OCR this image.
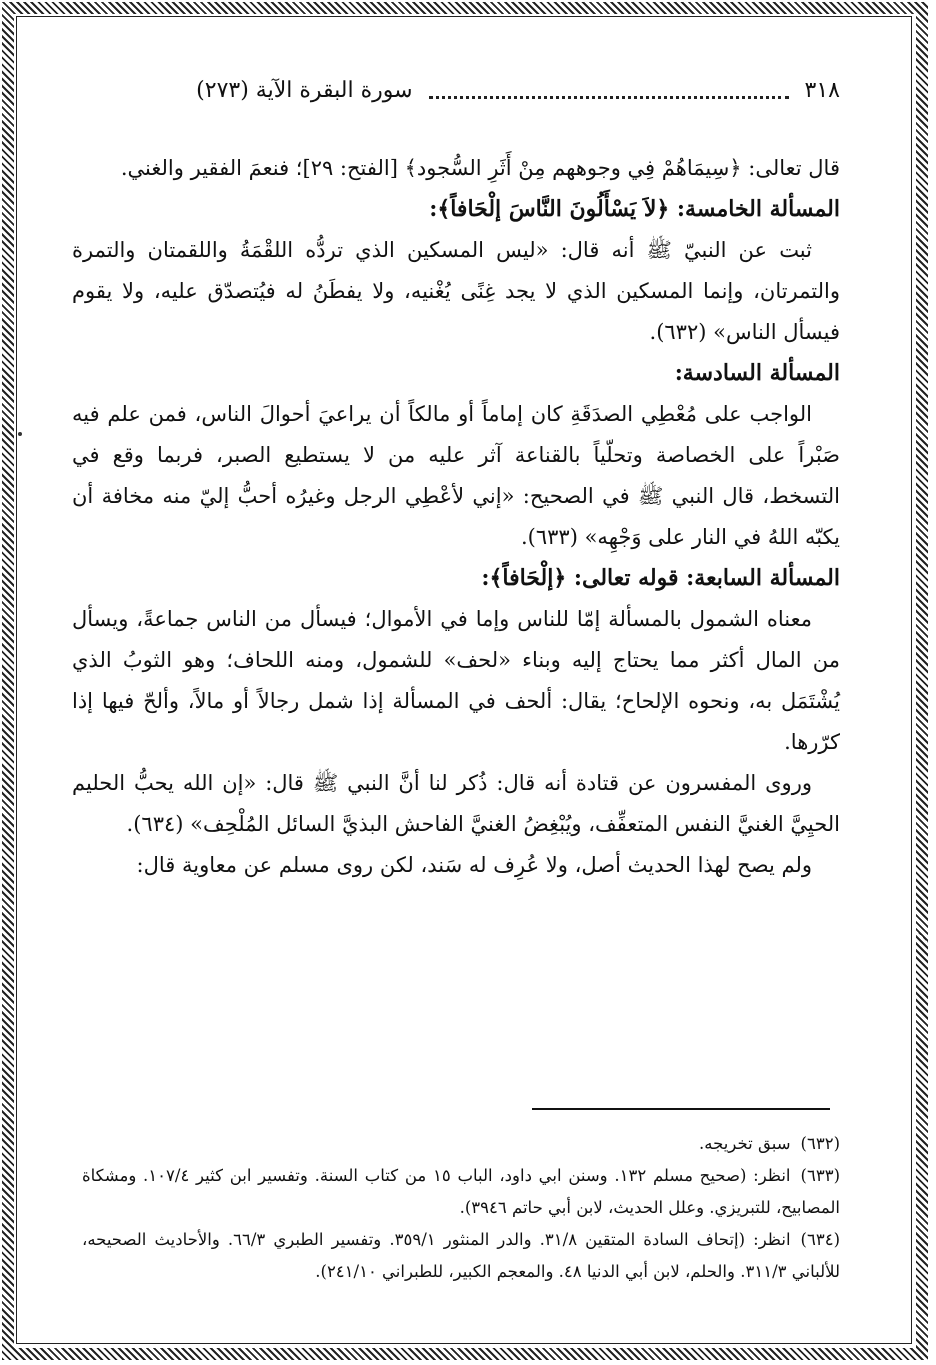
٣١٨
سورة البقرة الآية (٢٧٣)

قال تعالى: ﴿سِيمَاهُمْ فِي وجوههم مِنْ أَثَرِ السُّجود﴾ [الفتح: ٢٩]؛ فنعمَ الفقير والغني.

المسألة الخامسة: ﴿لاَ يَسْأَلُونَ النَّاسَ إلْحَافاً﴾:

ثبت عن النبيّ ﷺ أنه قال: «ليس المسكين الذي تردُّه اللقْمَةُ واللقمتان والتمرة والتمرتان، وإنما المسكين الذي لا يجد غِنًى يُغْنيه، ولا يفطَنُ له فيُتصدّق عليه، ولا يقوم فيسأل الناس» (٦٣٢).

المسألة السادسة:

الواجب على مُعْطِي الصدَقَةِ كان إماماً أو مالكاً أن يراعيَ أحوالَ الناس، فمن علم فيه صَبْراً على الخصاصة وتحلّياً بالقناعة آثر عليه من لا يستطيع الصبر، فربما وقع في التسخط، قال النبي ﷺ في الصحيح: «إني لأعْطِي الرجل وغيرُه أحبُّ إليّ منه مخافة أن يكبّه اللهُ في النار على وَجْهِه» (٦٣٣).

المسألة السابعة: قوله تعالى: ﴿إلْحَافاً﴾:

معناه الشمول بالمسألة إمّا للناس وإما في الأموال؛ فيسأل من الناس جماعةً، ويسأل من المال أكثر مما يحتاج إليه وبناء «لحف» للشمول، ومنه اللحاف؛ وهو الثوبُ الذي يُشْتَمَل به، ونحوه الإلحاح؛ يقال: ألحف في المسألة إذا شمل رجالاً أو مالاً، وألحّ فيها إذا كرّرها.

وروى المفسرون عن قتادة أنه قال: ذُكر لنا أنَّ النبي ﷺ قال: «إن الله يحبُّ الحليم الحيِيَّ الغنيَّ النفس المتعفِّف، ويُبْغِضُ الغنيَّ الفاحش البذيَّ السائل المُلْحِف» (٦٣٤).

ولم يصح لهذا الحديث أصل، ولا عُرِف له سَند، لكن روى مسلم عن معاوية قال:

(٦٣٢)سبق تخريجه.

(٦٣٣)انظر: (صحيح مسلم ١٣٢. وسنن ابي داود، الباب ١٥ من كتاب السنة. وتفسير ابن كثير ١٠٧/٤. ومشكاة المصابيح، للتبريزي. وعلل الحديث، لابن أبي حاتم ٣٩٤٦).

(٦٣٤)انظر: (إتحاف السادة المتقين ٣١/٨. والدر المنثور ٣٥٩/١. وتفسير الطبري ٦٦/٣. والأحاديث الصحيحه، للألباني ٣١١/٣. والحلم، لابن أبي الدنيا ٤٨. والمعجم الكبير، للطبراني ٢٤١/١٠).
